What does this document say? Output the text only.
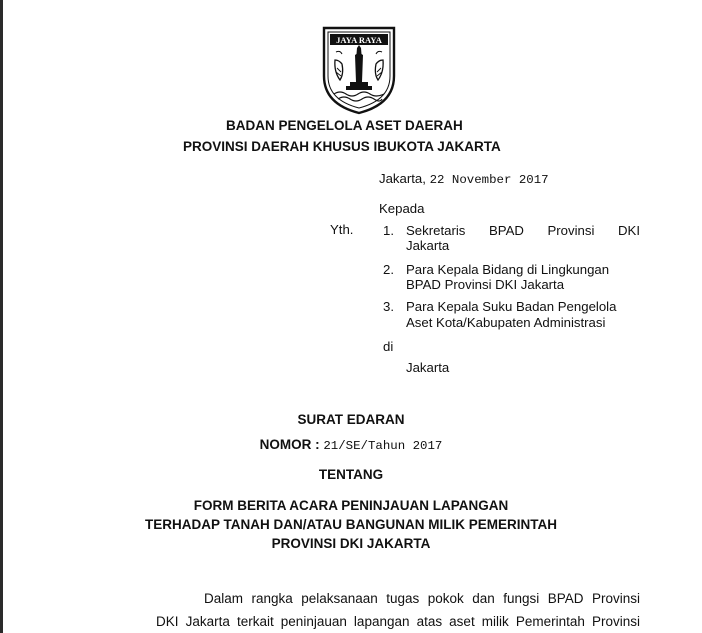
JAYA RAYA
BADAN PENGELOLA ASET DAERAH
PROVINSI DAERAH KHUSUS IBUKOTA JAKARTA
Jakarta, 22 November 2017
Kepada
Yth. 1. Sekretaris BPAD Provinsi DKI
Jakarta
2. Para Kepala Bidang di Lingkungan
BPAD Provinsi DKI Jakarta
3. Para Kepala Suku Badan Pengelola
Aset Kota/Kabupaten Administrasi
di
Jakarta
SURAT EDARAN
NOMOR : 21/SE/Tahun 2017
TENTANG
FORM BERITA ACARA PENINJAUAN LAPANGAN
TERHADAP TANAH DAN/ATAU BANGUNAN MILIK PEMERINTAH
PROVINSI DKI JAKARTA
Dalam rangka pelaksanaan tugas pokok dan fungsi BPAD Provinsi
DKI Jakarta terkait peninjauan lapangan atas aset milik Pemerintah Provinsi
